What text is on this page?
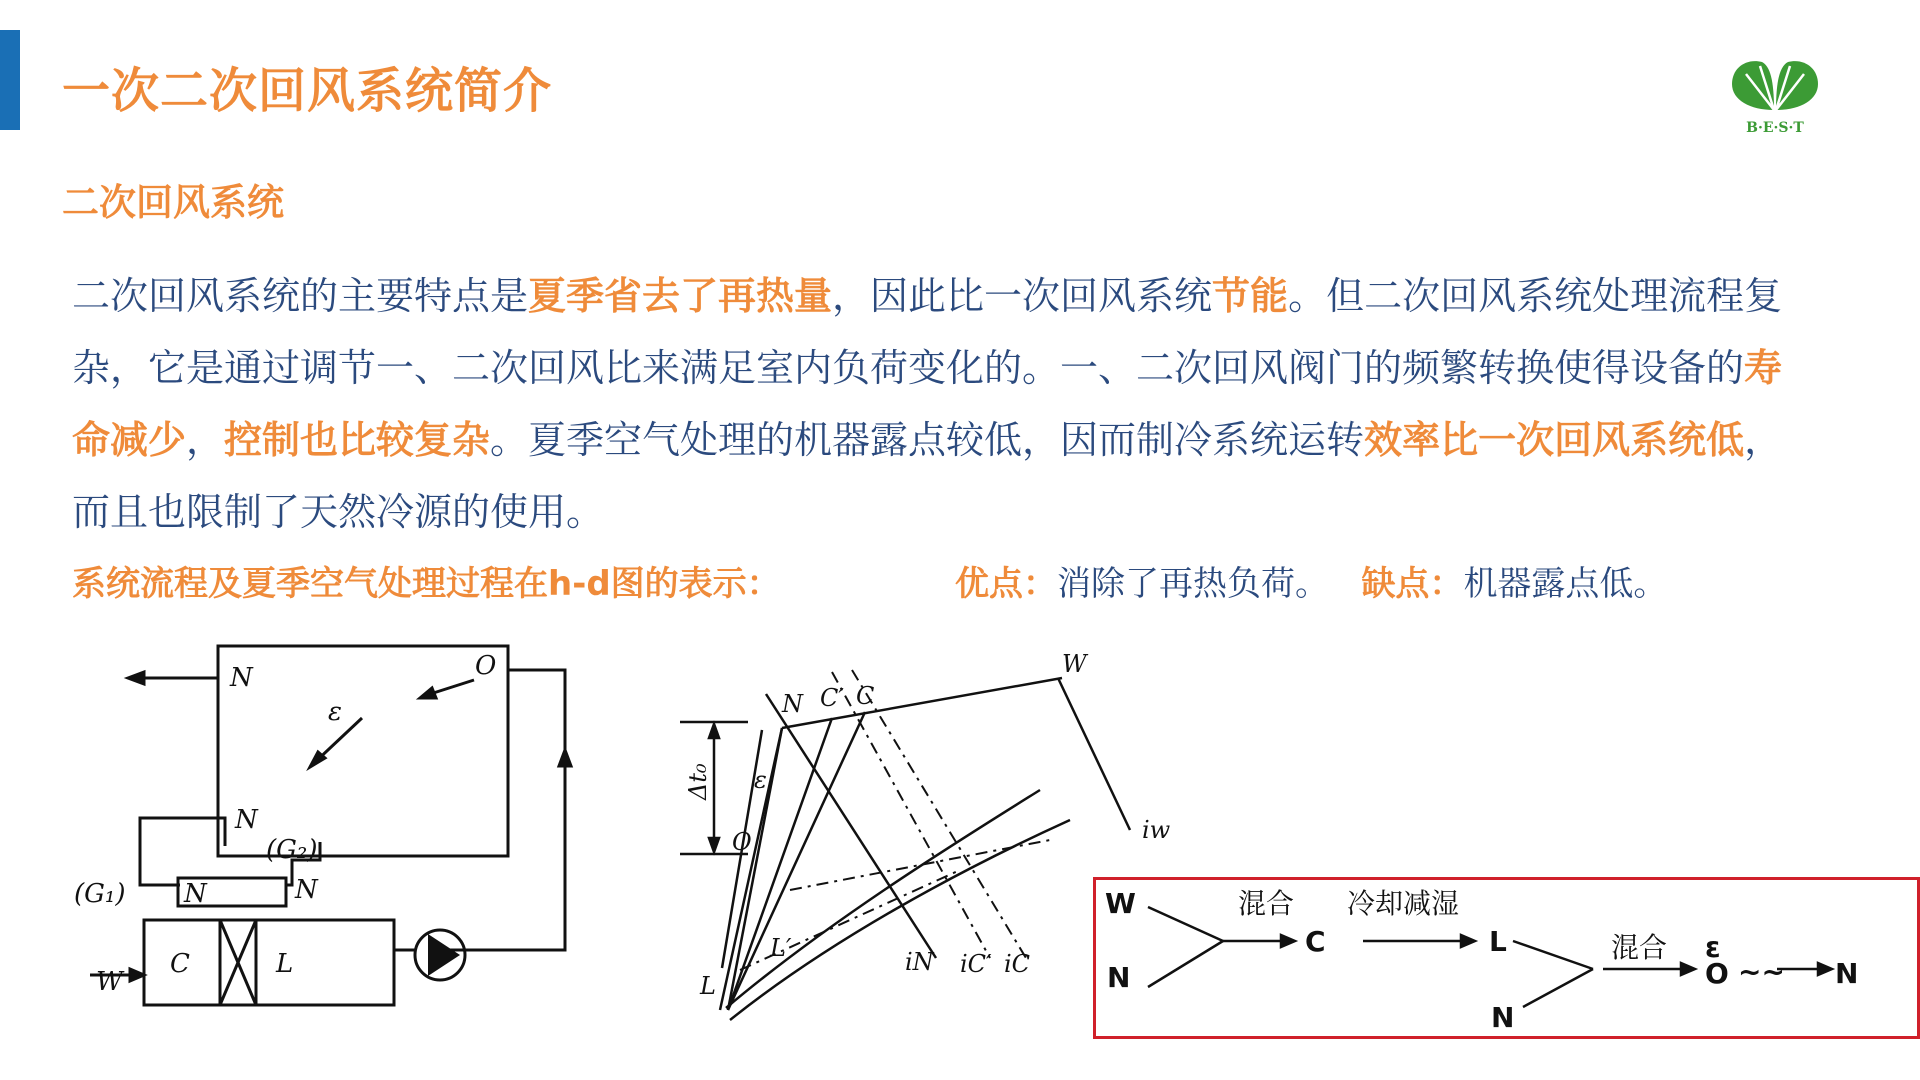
一次二次回风系统简介
B·E·S·T
二次回风系统

二次回风系统的主要特点是夏季省去了再热量，因此比一次回风系统节能。但二次回风系统处理流程复杂，它是通过调节一、二次回风比来满足室内负荷变化的。一、二次回风阀门的频繁转换使得设备的寿命减少，控制也比较复杂。夏季空气处理的机器露点较低，因而制冷系统运转效率比一次回风系统低，而且也限制了天然冷源的使用。

系统流程及夏季空气处理过程在h-d图的表示：	优点：消除了再热负荷。 缺点：机器露点低。

N	O
ε
N
(G₂)
(G₁) N	N
C	L
W
W
N C′ C
Δt₀ ε
O
L′
L
iw
iN iC′ iC
W
N
混合
C
冷却减湿
L
N
混合 ε
O ~~ N
